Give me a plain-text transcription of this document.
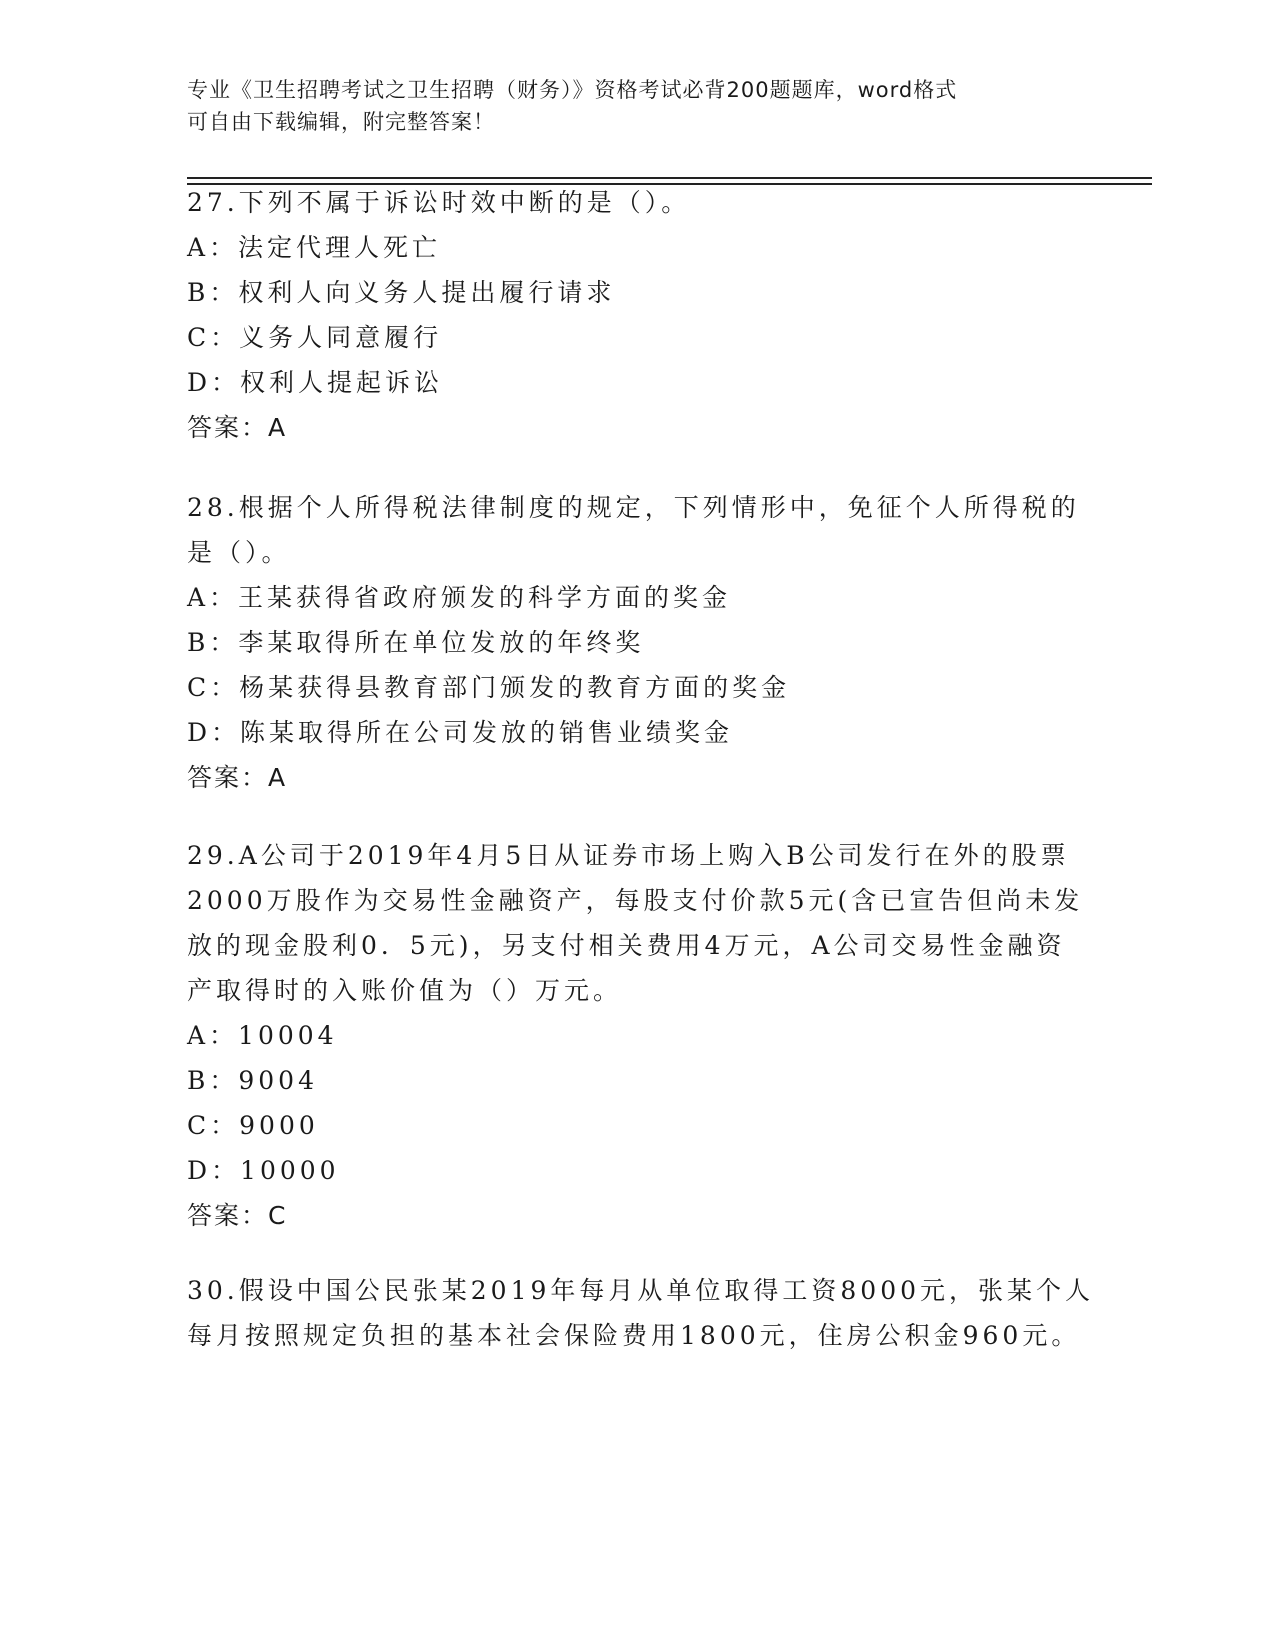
专业《卫生招聘考试之卫生招聘（财务）》资格考试必背200题题库，word格式
可自由下载编辑，附完整答案！
27.下列不属于诉讼时效中断的是（）。
A：法定代理人死亡
B：权利人向义务人提出履行请求
C：义务人同意履行
D：权利人提起诉讼
答案：A
28.根据个人所得税法律制度的规定，下列情形中，免征个人所得税的
是（）。
A：王某获得省政府颁发的科学方面的奖金
B：李某取得所在单位发放的年终奖
C：杨某获得县教育部门颁发的教育方面的奖金
D：陈某取得所在公司发放的销售业绩奖金
答案：A
29.A公司于2019年4月5日从证券市场上购入B公司发行在外的股票
2000万股作为交易性金融资产，每股支付价款5元(含已宣告但尚未发
放的现金股利0．5元)，另支付相关费用4万元，A公司交易性金融资
产取得时的入账价值为（）万元。
A：10004
B：9004
C：9000
D：10000
答案：C
30.假设中国公民张某2019年每月从单位取得工资8000元，张某个人
每月按照规定负担的基本社会保险费用1800元，住房公积金960元。
